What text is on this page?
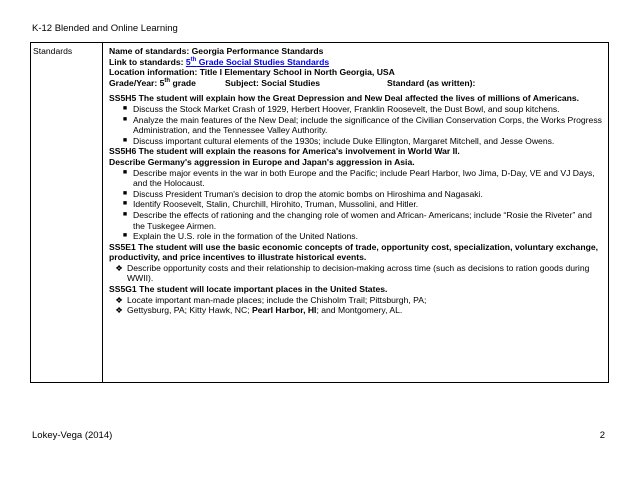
K-12 Blended and Online Learning
Standards	Name of standards: Georgia Performance Standards
Link to standards: 5th Grade Social Studies Standards
Location information: Title I Elementary School in North Georgia, USA
Grade/Year: 5th grade	Subject: Social Studies	Standard (as written):
SS5H5 The student will explain how the Great Depression and New Deal affected the lives of millions of Americans.
■ Discuss the Stock Market Crash of 1929, Herbert Hoover, Franklin Roosevelt, the Dust Bowl, and soup kitchens.
■ Analyze the main features of the New Deal; include the significance of the Civilian Conservation Corps, the Works Progress Administration, and the Tennessee Valley Authority.
■ Discuss important cultural elements of the 1930s; include Duke Ellington, Margaret Mitchell, and Jesse Owens.
SS5H6 The student will explain the reasons for America's involvement in World War II.
Describe Germany's aggression in Europe and Japan's aggression in Asia.
■ Describe major events in the war in both Europe and the Pacific; include Pearl Harbor, Iwo Jima, D-Day, VE and VJ Days, and the Holocaust.
■ Discuss President Truman's decision to drop the atomic bombs on Hiroshima and Nagasaki.
■ Identify Roosevelt, Stalin, Churchill, Hirohito, Truman, Mussolini, and Hitler.
■ Describe the effects of rationing and the changing role of women and African- Americans; include “Rosie the Riveter” and the Tuskegee Airmen.
■ Explain the U.S. role in the formation of the United Nations.
SS5E1 The student will use the basic economic concepts of trade, opportunity cost, specialization, voluntary exchange, productivity, and price incentives to illustrate historical events.
❖ Describe opportunity costs and their relationship to decision-making across time (such as decisions to ration goods during WWII).
SS5G1 The student will locate important places in the United States.
❖ Locate important man-made places; include the Chisholm Trail; Pittsburgh, PA;
❖ Gettysburg, PA; Kitty Hawk, NC; Pearl Harbor, HI; and Montgomery, AL.
Lokey-Vega (2014)	2
